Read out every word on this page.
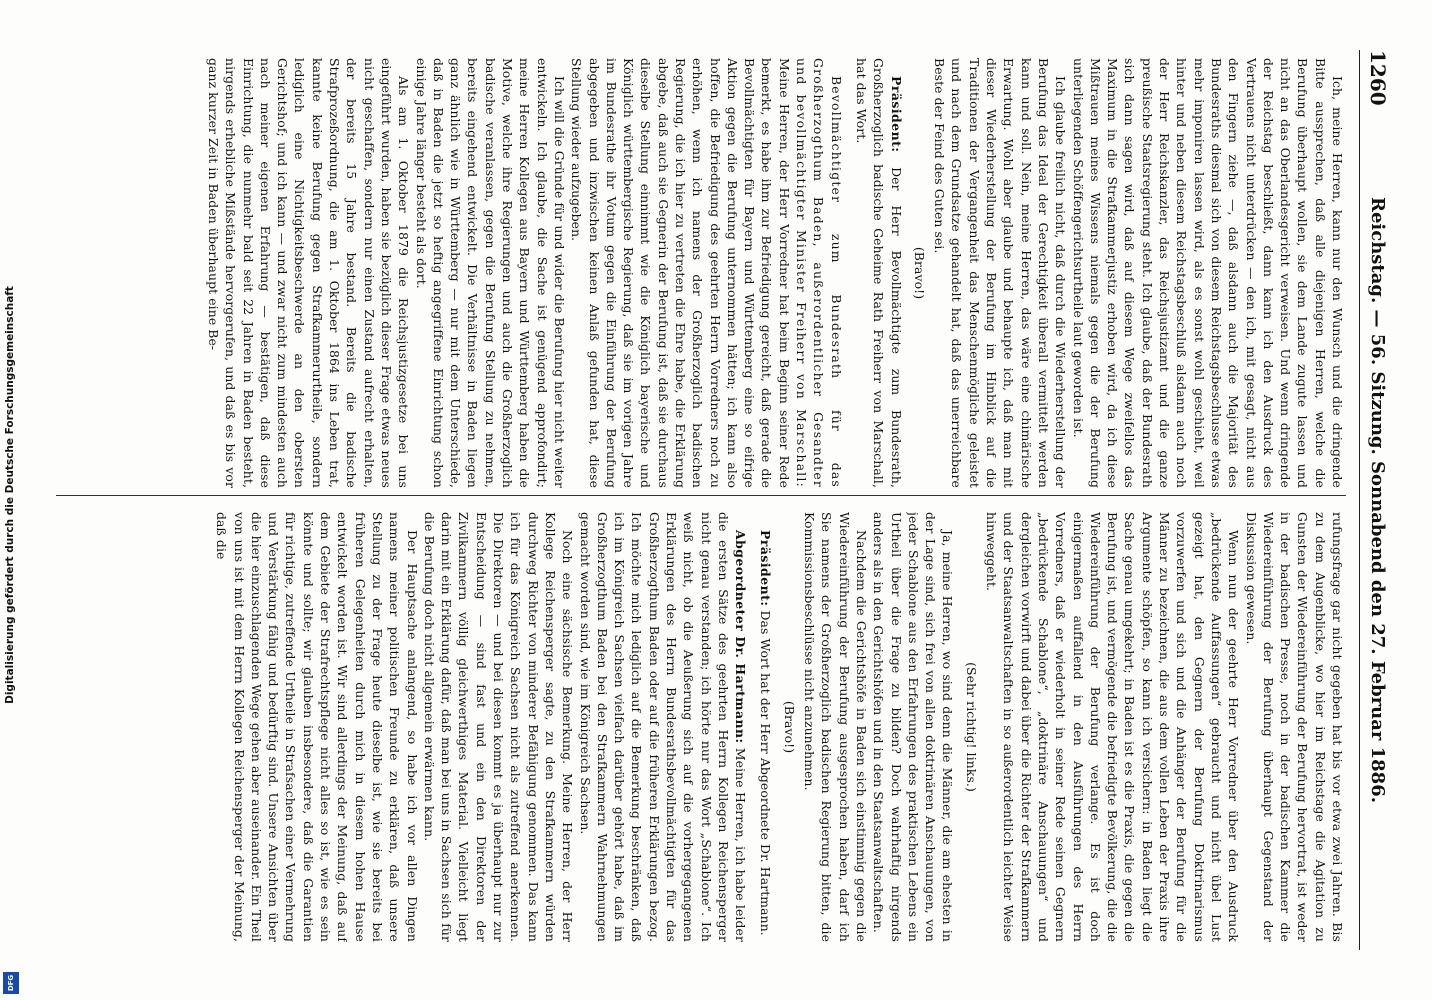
1260
Reichstag. — 56. Sitzung. Sonnabend den 27. Februar 1886.

Ich, meine Herren, kann nur den Wunsch und die dringende Bitte aussprechen, daß alle diejenigen Herren, welche die Berufung überhaupt wollen, sie dem Lande zugute lassen und nicht an das Oberlandesgericht verweisen. Und wenn dringende der Reichstag beschließt, dann kann ich den Ausdruck des Vertrauens nicht unterdrücken — den ich, mit gesagt, nicht aus den Fingern ziehe —, daß alsdann auch die Majorität des Bundesraths diesmal sich von diesem Reichstagsbeschlusse etwas mehr imponiren lassen wird, als es sonst wohl geschieht, weil hinter und neben diesem Reichstagsbeschluß alsdann auch noch der Herr Reichskanzler, das Reichsjustizamt und die ganze preußische Staatsregierung steht. Ich glaube, daß der Bundesrath sich dann sagen wird, daß auf diesem Wege zweifellos das Maximum in die Strafkammerjustiz erhoben wird, da ich diese Mißtrauen meines Wissens niemals gegen die der Berufung unterliegenden Schöffengerichtsurtheile laut geworden ist.

Ich glaube freilich nicht, daß durch die Wiederherstellung der Berufung das Ideal der Gerechtigkeit überall vermittelt werden kann und soll. Nein, meine Herren, das wäre eine chimärische Erwartung. Wohl aber glaube und behaupte ich, daß man mit dieser Wiederherstellung der Berufung im Hinblick auf die Traditionen der Vergangenheit das Menschenmögliche geleistet und nach dem Grundsatze gehandelt hat, daß das unerreichbare Beste der Feind des Guten sei.

(Bravo!)

Präsident: Der Herr Bevollmächtigte zum Bundesrath, Großherzoglich badische Geheime Rath Freiherr von Marschall, hat das Wort.

Bevollmächtigter zum Bundesrath für das Großherzogthum Baden, außerordentlicher Gesandter und bevollmächtigter Minister Freiherr von Marschall: Meine Herren, der Herr Vorredner hat beim Beginn seiner Rede bemerkt, es habe ihm zur Befriedigung gereicht, daß gerade die Bevollmächtigten für Bayern und Württemberg eine so eifrige Aktion gegen die Berufung unternommen hätten; ich kann also hoffen, die Befriedigung des geehrten Herrn Vorredners noch zu erhöhen, wenn ich namens der Großherzoglich badischen Regierung, die ich hier zu vertreten die Ehre habe, die Erklärung abgebe, daß auch sie Gegnerin der Berufung ist, daß sie durchaus dieselbe Stellung einnimmt wie die Königlich bayerische und Königlich württembergische Regierung, daß sie im vorigen Jahre im Bundesrathe ihr Votum gegen die Einführung der Berufung abgegeben und inzwischen keinen Anlaß gefunden hat, diese Stellung wieder aufzugeben.

Ich will die Gründe für und wider die Berufung hier nicht weiter entwickeln. Ich glaube, die Sache ist genügend approfondirt; meine Herren Kollegen aus Bayern und Württemberg haben die Motive, welche ihre Regierungen und auch die Großherzoglich badische veranlassen, gegen die Berufung Stellung zu nehmen, bereits eingehend entwickelt. Die Verhältnisse in Baden liegen ganz ähnlich wie in Württemberg — nur mit dem Unterschiede, daß in Baden die jetzt so heftig angegriffene Einrichtung schon einige Jahre länger besteht als dort.

Als am 1. Oktober 1879 die Reichsjustizgesetze bei uns eingeführt wurden, haben sie bezüglich dieser Frage etwas neues nicht geschaffen, sondern nur einen Zustand aufrecht erhalten, der bereits 15 Jahre bestand. Bereits die badische Strafprozeßordnung, die am 1. Oktober 1864 ins Leben trat, kannte keine Berufung gegen Strafkammerurtheile, sondern lediglich eine Nichtigkeitsbeschwerde an den obersten Gerichtshof; und ich kann — und zwar nicht zum mindesten auch nach meiner eigenen Erfahrung — bestätigen, daß diese Einrichtung, die nunmehr bald seit 22 Jahren in Baden besteht, nirgends erhebliche Mißstände hervorgerufen, und daß es bis vor ganz kurzer Zeit in Baden überhaupt eine Be-

rufungsfrage gar nicht gegeben hat bis vor etwa zwei Jahren. Bis zu dem Augenblicke, wo hier im Reichstage die Agitation zu Gunsten der Wiedereinführung der Berufung hervortrat, ist weder in der badischen Presse, noch in der badischen Kammer die Wiedereinführung der Berufung überhaupt Gegenstand der Diskussion gewesen.

Wenn nun der geehrte Herr Vorredner über den Ausdruck „bedrückende Auffassungen“ gebraucht und nicht übel Lust gezeigt hat, den Gegnern der Berufung Doktrinarismus vorzuwerfen und sich und die Anhänger der Berufung für die Männer zu bezeichnen, die aus dem vollen Leben der Praxis ihre Argumente schöpfen, so kann ich versichern: in Baden liegt die Sache genau umgekehrt; in Baden ist es die Praxis, die gegen die Berufung ist, und vermögende die befriedigte Bevölkerung, die die Wiedereinführung der Berufung verlange. Es ist doch einigermaßen auffallend in den Ausführungen des Herrn Vorredners, daß er wiederholt in seiner Rede seinen Gegnern „bedrückende Schablone“, „doktrinäre Anschauungen“ und dergleichen vorwirft und dabei über die Richter der Strafkammern und der Staatsanwaltschaften in so außerordentlich leichter Weise hinweggeht.

(Sehr richtig! links.)

Ja, meine Herren, wo sind denn die Männer, die am ehesten in der Lage sind, sich frei von allen doktrinären Anschauungen, von jeder Schablone aus den Erfahrungen des praktischen Lebens ein Urtheil über die Frage zu bilden? Doch wahrhaftig nirgends anders als in den Gerichtshöfen und in den Staatsanwaltschaften.

Nachdem die Gerichtshöfe in Baden sich einstimmig gegen die Wiedereinführung der Berufung ausgesprochen haben, darf ich Sie namens der Großherzoglich badischen Regierung bitten, die Kommissionsbeschlüsse nicht anzunehmen.

(Bravo!)

Präsident: Das Wort hat der Herr Abgeordnete Dr. Hartmann.

Abgeordneter Dr. Hartmann: Meine Herren, ich habe leider die ersten Sätze des geehrten Herrn Kollegen Reichensperger nicht genau verstanden; ich hörte nur das Wort „Schablone“. Ich weiß nicht, ob die Aeußerung sich auf die vorhergegangenen Erklärungen des Herrn Bundesrathsbevollmächtigten für das Großherzogthum Baden oder auf die früheren Erklärungen bezog. Ich möchte mich lediglich auf die Bemerkung beschränken, daß ich im Königreich Sachsen vielfach darüber gehört habe, daß im Großherzogthum Baden bei den Strafkammern Wahrnehmungen gemacht worden sind, wie im Königreich Sachsen.

Noch eine sächsische Bemerkung. Meine Herren, der Herr Kollege Reichensperger sagte, zu den Strafkammern würden durchweg Richter von minderer Befähigung genommen. Das kann ich für das Königreich Sachsen nicht als zutreffend anerkennen. Die Direktoren — und bei diesen kommt es ja überhaupt nur zur Entscheidung — sind fast und ein den Direktoren der Zivilkammern völlig gleichwerthiges Material. Vielleicht liegt darin mit ein Erklärung dafür, daß man bei uns in Sachsen sich für die Berufung doch nicht allgemein erwärmen kann.

Der Hauptsache anlangend, so habe ich vor allen Dingen namens meiner politischen Freunde zu erklären, daß unsere Stellung zu der Frage heute dieselbe ist, wie sie bereits bei früheren Gelegenheiten durch mich in diesem hohen Hause entwickelt worden ist. Wir sind allerdings der Meinung, daß auf dem Gebiete der Strafrechtspflege nicht alles so ist, wie es sein könnte und sollte; wir glauben insbesondere, daß die Garantien für richtige, zutreffende Urtheile in Strafsachen einer Vermehrung und Verstärkung fähig und bedürftig sind. Unsere Ansichten über die hier einzuschlagenden Wege gehen aber auseinander. Ein Theil von uns ist mit dem Herrn Kollegen Reichensperger der Meinung, daß die

Digitalisierung gefördert durch die Deutsche Forschungsgemeinschaft
DFG
